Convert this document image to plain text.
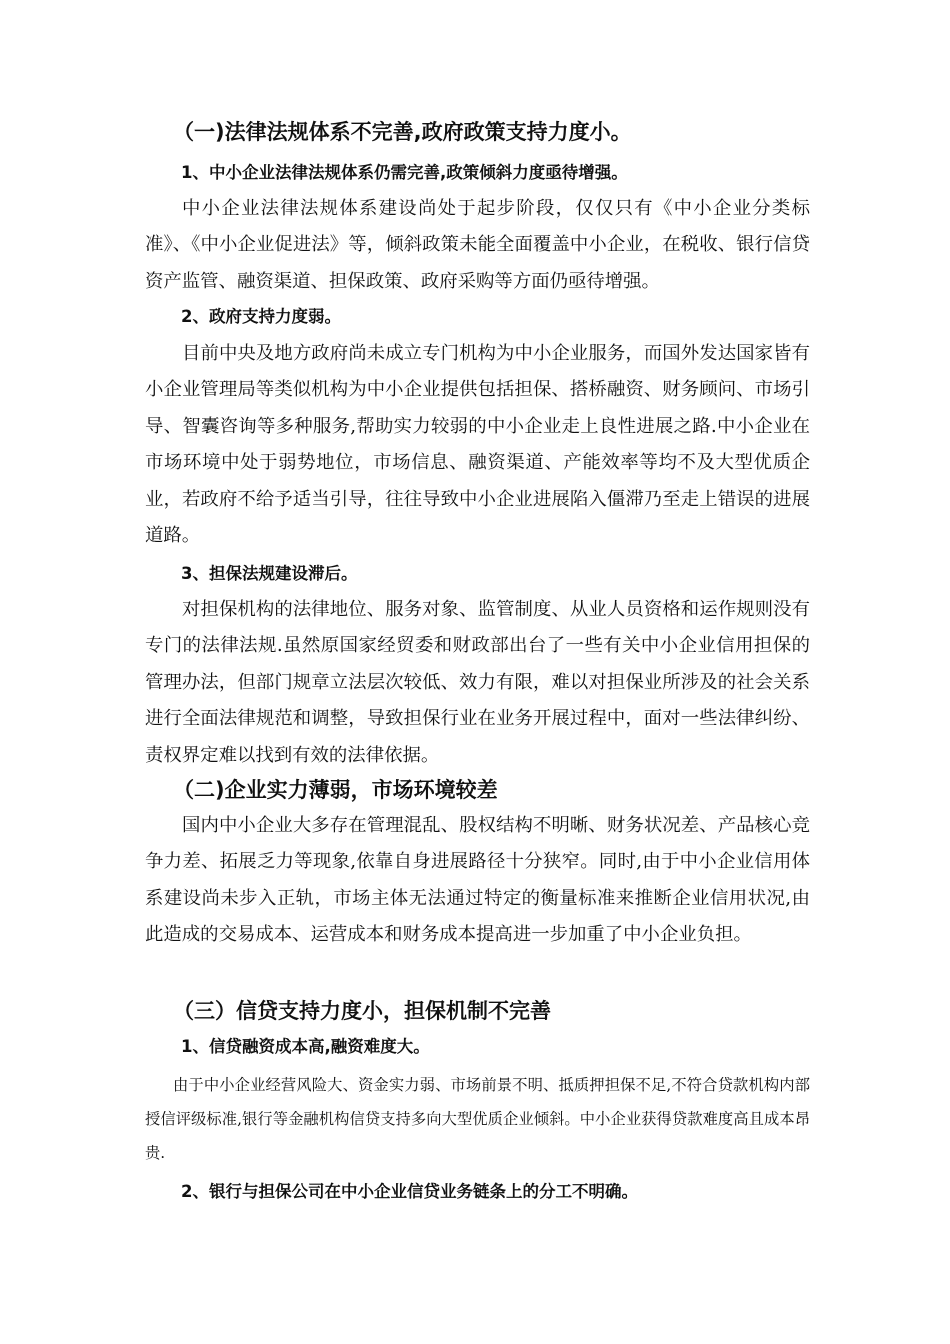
（一)法律法规体系不完善,政府政策支持力度小。
1、中小企业法律法规体系仍需完善,政策倾斜力度亟待增强。

中小企业法律法规体系建设尚处于起步阶段，仅仅只有《中小企业分类标准》、《中小企业促进法》等，倾斜政策未能全面覆盖中小企业，在税收、银行信贷资产监管、融资渠道、担保政策、政府采购等方面仍亟待增强。

2、政府支持力度弱。

目前中央及地方政府尚未成立专门机构为中小企业服务，而国外发达国家皆有小企业管理局等类似机构为中小企业提供包括担保、搭桥融资、财务顾问、市场引导、智囊咨询等多种服务,帮助实力较弱的中小企业走上良性进展之路.中小企业在市场环境中处于弱势地位，市场信息、融资渠道、产能效率等均不及大型优质企业，若政府不给予适当引导，往往导致中小企业进展陷入僵滞乃至走上错误的进展道路。

3、担保法规建设滞后。

对担保机构的法律地位、服务对象、监管制度、从业人员资格和运作规则没有专门的法律法规.虽然原国家经贸委和财政部出台了一些有关中小企业信用担保的管理办法，但部门规章立法层次较低、效力有限，难以对担保业所涉及的社会关系进行全面法律规范和调整，导致担保行业在业务开展过程中，面对一些法律纠纷、责权界定难以找到有效的法律依据。

（二)企业实力薄弱，市场环境较差

国内中小企业大多存在管理混乱、股权结构不明晰、财务状况差、产品核心竞争力差、拓展乏力等现象,依靠自身进展路径十分狭窄。同时,由于中小企业信用体系建设尚未步入正轨，市场主体无法通过特定的衡量标准来推断企业信用状况,由此造成的交易成本、运营成本和财务成本提高进一步加重了中小企业负担。

（三）信贷支持力度小，担保机制不完善
1、信贷融资成本高,融资难度大。

由于中小企业经营风险大、资金实力弱、市场前景不明、抵质押担保不足,不符合贷款机构内部授信评级标准,银行等金融机构信贷支持多向大型优质企业倾斜。中小企业获得贷款难度高且成本昂贵.

2、银行与担保公司在中小企业信贷业务链条上的分工不明确。
